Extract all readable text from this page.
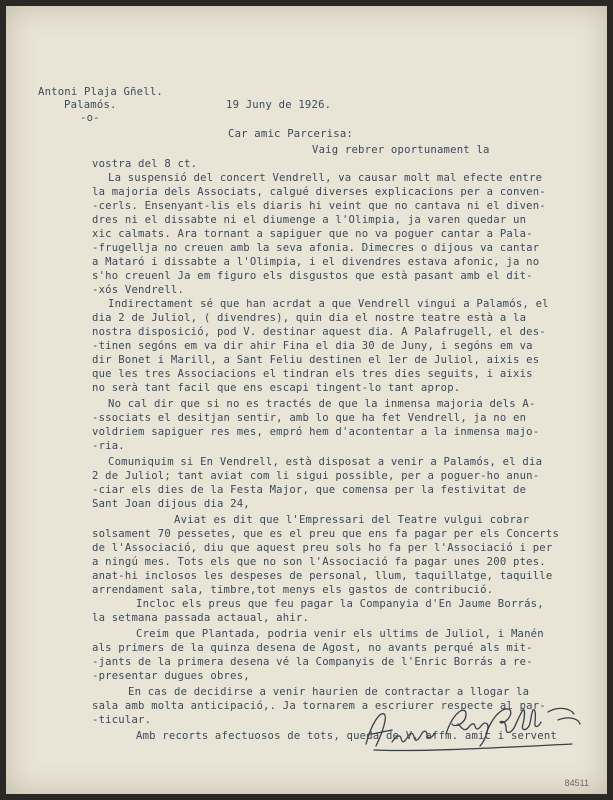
Antoni Plaja Gñell.
Palamós.	19 Juny de 1926.
-o-
Car amic Parcerisa:
Vaig rebrer oportunament la
vostra del 8 ct.
La suspensió del concert Vendrell, va causar molt mal efecte entre
la majoria dels Associats, calgué diverses explicacions per a conven-
-cerls. Ensenyant-lis els diaris hi veint que no cantava ni el diven-
dres ni el dissabte ni el diumenge a l'Olimpia, ja varen quedar un
xic calmats. Ara tornant a sapiguer que no va poguer cantar a Pala-
-frugellja no creuen amb la seva afonia. Dimecres o dijous va cantar
a Mataró i dissabte a l'Olimpia, i el divendres estava afonic, ja no
s'ho creuenl Ja em figuro els disgustos que està pasant amb el dit-
-xós Vendrell.
Indirectament sé que han acrdat a que Vendrell vingui a Palamós, el
dia 2 de Juliol, ( divendres), quin dia el nostre teatre està a la
nostra disposició, pod V. destinar aquest dia. A Palafrugell, el des-
-tinen segóns em va dir ahir Fina el dia 30 de Juny, i segóns em va
dir Bonet i Marill, a Sant Feliu destinen el 1er de Juliol, aixis es
que les tres Associacions el tindran els tres dies seguits, i aixis
no serà tant facil que ens escapi tingent-lo tant aprop.
No cal dir que si no es tractés de que la inmensa majoria dels A-
-ssociats el desitjan sentir, amb lo que ha fet Vendrell, ja no en
voldriem sapiguer res mes, empró hem d'acontentar a la inmensa majo-
-ria.
Comuniquim si En Vendrell, està disposat a venir a Palamós, el dia
2 de Juliol; tant aviat com li sigui possible, per a poguer-ho anun-
-ciar els dies de la Festa Major, que comensa per la festivitat de
Sant Joan dijous dia 24,
Aviat es dit que l'Empressari del Teatre vulgui cobrar
solsament 70 pessetes, que es el preu que ens fa pagar per els Concerts
de l'Associació, diu que aquest preu sols ho fa per l'Associació i per
a ningú mes. Tots els que no son l'Associació fa pagar unes 200 ptes.
anat-hi inclosos les despeses de personal, llum, taquillatge, taquille
arrendament sala, timbre,tot menys els gastos de contribució.
Incloc els preus que feu pagar la Companyia d'En Jaume Borrás,
la setmana passada actaual, ahir.
Creim que Plantada, podria venir els ultims de Juliol, i Manén
als primers de la quinza desena de Agost, no avants perqué als mit-
-jants de la primera desena vé la Companyis de l'Enric Borrás a re-
-presentar dugues obres,
En cas de decidirse a venir haurien de contractar a llogar la
sala amb molta anticipació,. Ja tornarem a escriurer respecte al par-
-ticular.
Amb recorts afectuosos de tots, queda de V. affm. amic i servent
84511
